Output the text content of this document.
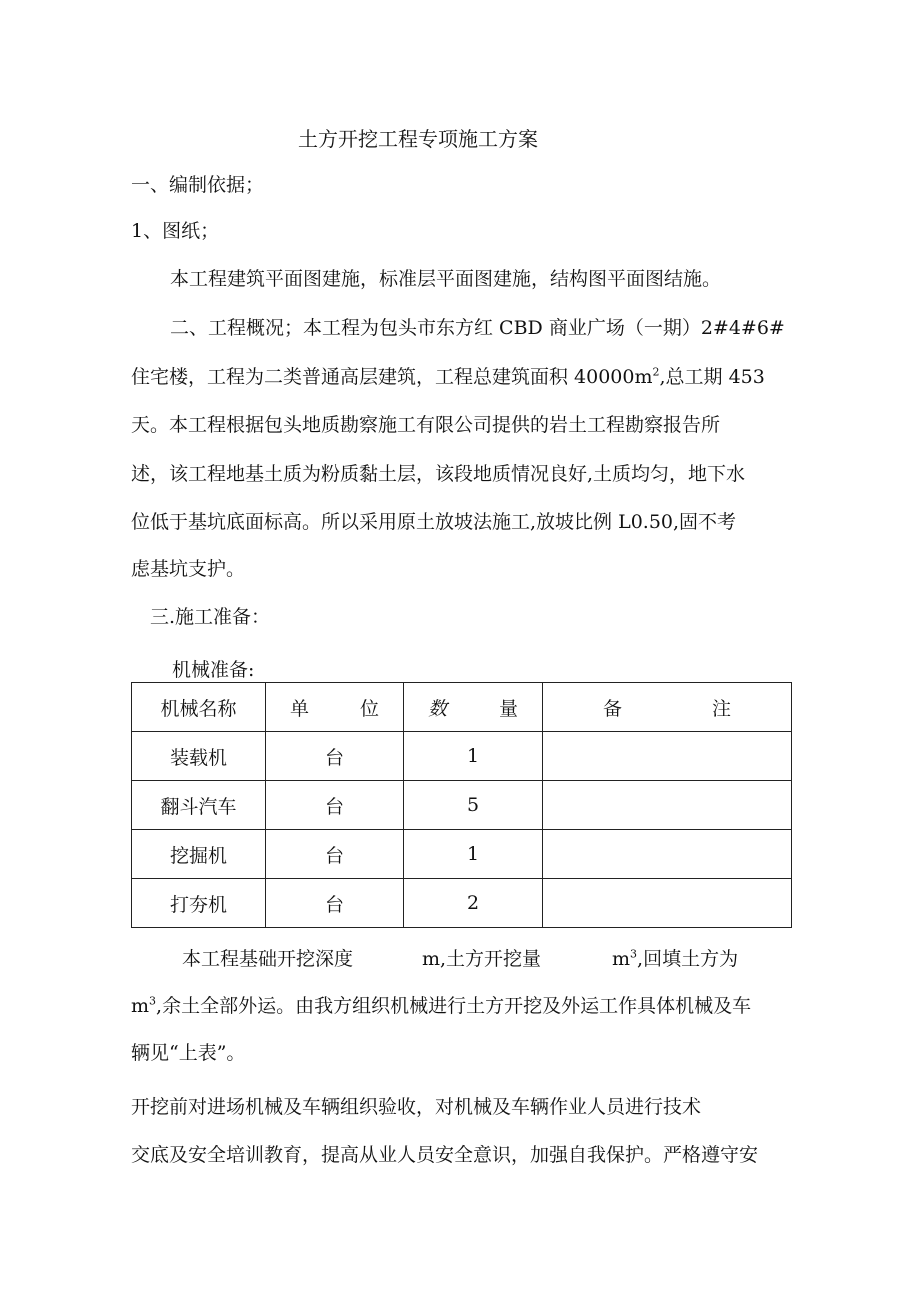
土方开挖工程专项施工方案
一、编制依据；
1、图纸；
本工程建筑平面图建施，标准层平面图建施，结构图平面图结施。
二、工程概况；本工程为包头市东方红 CBD 商业广场（一期）2#4#6#
住宅楼，工程为二类普通高层建筑，工程总建筑面积 $40000m^2$,总工期 453
天。本工程根据包头地质勘察施工有限公司提供的岩土工程勘察报告所
述，该工程地基土质为粉质黏土层，该段地质情况良好,土质均匀，地下水
位低于基坑底面标高。所以采用原土放坡法施工,放坡比例 L0.50,固不考
虑基坑支护。
三.施工准备：
机械准备:
机械名称	单 位	数 量	备 注

装载机	台	1	
翻斗汽车	台	5	
挖掘机	台	1	
打夯机	台	2	
本工程基础开挖深度	m,土方开挖量	$m^3$,回填土方为
$m^3$,余土全部外运。由我方组织机械进行土方开挖及外运工作具体机械及车
辆见“上表”。
开挖前对进场机械及车辆组织验收，对机械及车辆作业人员进行技术
交底及安全培训教育，提高从业人员安全意识，加强自我保护。严格遵守安
